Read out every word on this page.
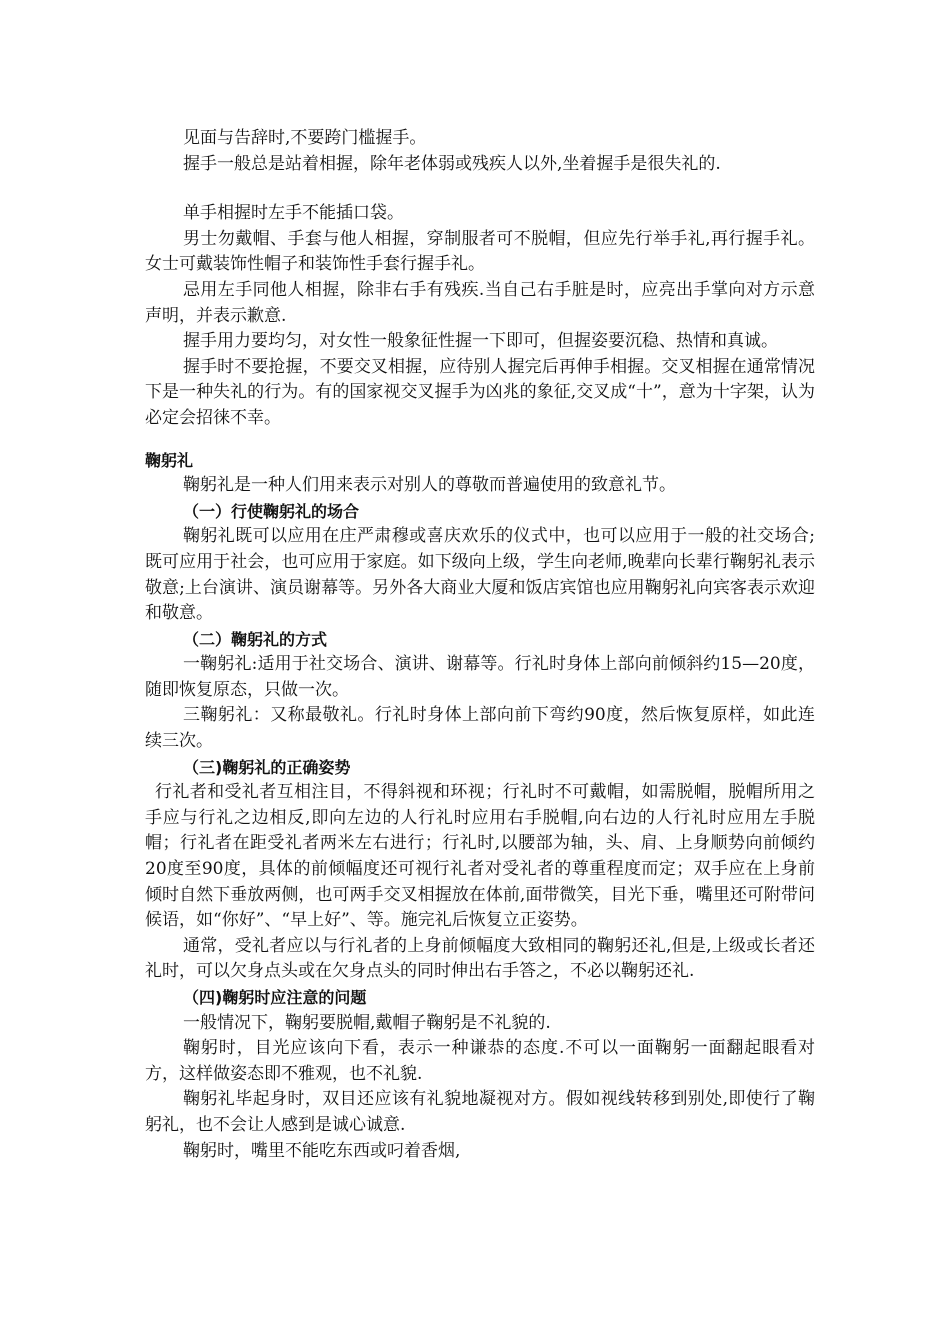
见面与告辞时,不要跨门槛握手。

握手一般总是站着相握，除年老体弱或残疾人以外,坐着握手是很失礼的.

单手相握时左手不能插口袋。

男士勿戴帽、手套与他人相握，穿制服者可不脱帽，但应先行举手礼,再行握手礼。女士可戴装饰性帽子和装饰性手套行握手礼。

忌用左手同他人相握，除非右手有残疾.当自己右手脏是时，应亮出手掌向对方示意声明，并表示歉意.

握手用力要均匀，对女性一般象征性握一下即可，但握姿要沉稳、热情和真诚。

握手时不要抢握，不要交叉相握，应待别人握完后再伸手相握。交叉相握在通常情况下是一种失礼的行为。有的国家视交叉握手为凶兆的象征,交叉成“十”，意为十字架，认为必定会招徕不幸。

鞠躬礼

鞠躬礼是一种人们用来表示对别人的尊敬而普遍使用的致意礼节。

（一）行使鞠躬礼的场合

鞠躬礼既可以应用在庄严肃穆或喜庆欢乐的仪式中，也可以应用于一般的社交场合;既可应用于社会，也可应用于家庭。如下级向上级，学生向老师,晚辈向长辈行鞠躬礼表示敬意;上台演讲、演员谢幕等。另外各大商业大厦和饭店宾馆也应用鞠躬礼向宾客表示欢迎和敬意。

（二）鞠躬礼的方式

一鞠躬礼:适用于社交场合、演讲、谢幕等。行礼时身体上部向前倾斜约15—20度，随即恢复原态，只做一次。

三鞠躬礼：又称最敬礼。行礼时身体上部向前下弯约90度，然后恢复原样，如此连续三次。

（三)鞠躬礼的正确姿势

行礼者和受礼者互相注目，不得斜视和环视；行礼时不可戴帽，如需脱帽，脱帽所用之手应与行礼之边相反,即向左边的人行礼时应用右手脱帽,向右边的人行礼时应用左手脱帽；行礼者在距受礼者两米左右进行；行礼时,以腰部为轴，头、肩、上身顺势向前倾约20度至90度，具体的前倾幅度还可视行礼者对受礼者的尊重程度而定；双手应在上身前倾时自然下垂放两侧，也可两手交叉相握放在体前,面带微笑，目光下垂，嘴里还可附带问候语，如“你好”、“早上好”、等。施完礼后恢复立正姿势。

通常，受礼者应以与行礼者的上身前倾幅度大致相同的鞠躬还礼,但是,上级或长者还礼时，可以欠身点头或在欠身点头的同时伸出右手答之，不必以鞠躬还礼.

（四)鞠躬时应注意的问题

一般情况下，鞠躬要脱帽,戴帽子鞠躬是不礼貌的.

鞠躬时，目光应该向下看，表示一种谦恭的态度.不可以一面鞠躬一面翻起眼看对方，这样做姿态即不雅观，也不礼貌.

鞠躬礼毕起身时，双目还应该有礼貌地凝视对方。假如视线转移到别处,即使行了鞠躬礼，也不会让人感到是诚心诚意.

鞠躬时，嘴里不能吃东西或叼着香烟,
